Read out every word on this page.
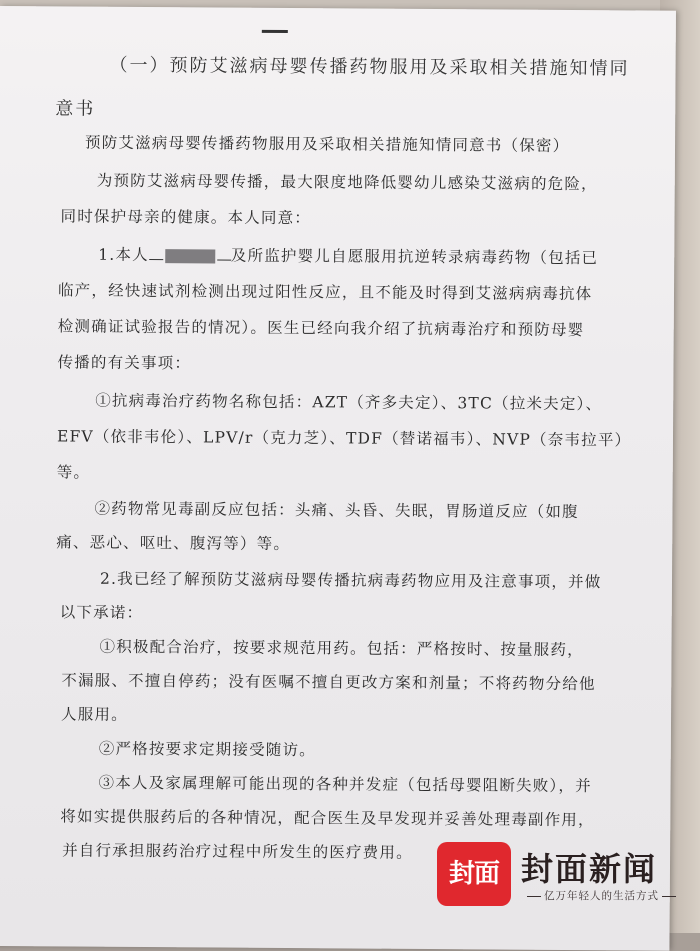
（一）预防艾滋病母婴传播药物服用及采取相关措施知情同
意书
预防艾滋病母婴传播药物服用及采取相关措施知情同意书（保密）
为预防艾滋病母婴传播，最大限度地降低婴幼儿感染艾滋病的危险，
同时保护母亲的健康。本人同意：
1.本人	及所监护婴儿自愿服用抗逆转录病毒药物（包括已
临产，经快速试剂检测出现过阳性反应，且不能及时得到艾滋病病毒抗体
检测确证试验报告的情况）。医生已经向我介绍了抗病毒治疗和预防母婴
传播的有关事项：
①抗病毒治疗药物名称包括：AZT（齐多夫定）、3TC（拉米夫定）、
EFV（依非韦伦）、LPV/r（克力芝）、TDF（替诺福韦）、NVP（奈韦拉平）
等。
②药物常见毒副反应包括：头痛、头昏、失眠，胃肠道反应（如腹
痛、恶心、呕吐、腹泻等）等。
2.我已经了解预防艾滋病母婴传播抗病毒药物应用及注意事项，并做
以下承诺：
①积极配合治疗，按要求规范用药。包括：严格按时、按量服药，
不漏服、不擅自停药；没有医嘱不擅自更改方案和剂量；不将药物分给他
人服用。
②严格按要求定期接受随访。
③本人及家属理解可能出现的各种并发症（包括母婴阻断失败），并
将如实提供服药后的各种情况，配合医生及早发现并妥善处理毒副作用，
并自行承担服药治疗过程中所发生的医疗费用。
封面 封面新闻
亿万年轻人的生活方式
